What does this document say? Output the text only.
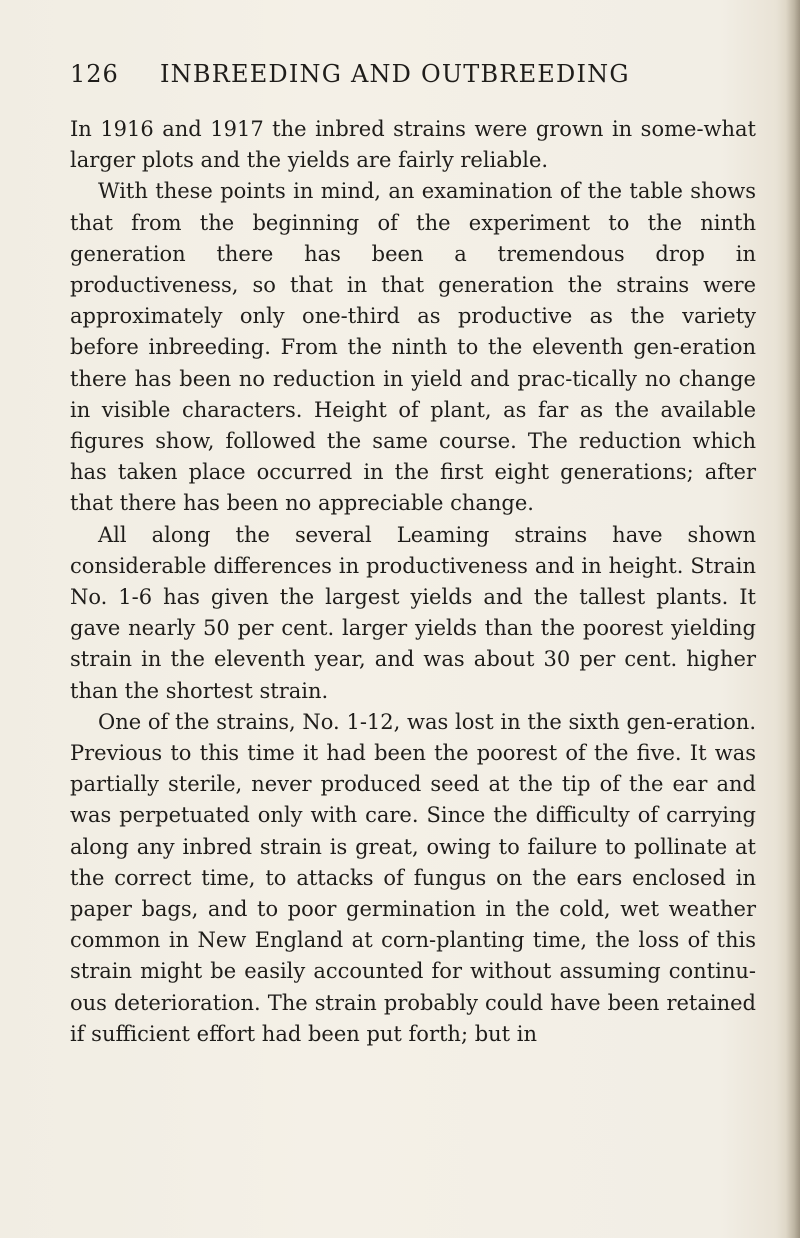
126 INBREEDING AND OUTBREEDING

In 1916 and 1917 the inbred strains were grown in some-what larger plots and the yields are fairly reliable.

With these points in mind, an examination of the table shows that from the beginning of the experiment to the ninth generation there has been a tremendous drop in productiveness, so that in that generation the strains were approximately only one-third as productive as the variety before inbreeding. From the ninth to the eleventh gen-eration there has been no reduction in yield and prac-tically no change in visible characters. Height of plant, as far as the available figures show, followed the same course. The reduction which has taken place occurred in the first eight generations; after that there has been no appreciable change.

All along the several Leaming strains have shown considerable differences in productiveness and in height. Strain No. 1-6 has given the largest yields and the tallest plants. It gave nearly 50 per cent. larger yields than the poorest yielding strain in the eleventh year, and was about 30 per cent. higher than the shortest strain.

One of the strains, No. 1-12, was lost in the sixth gen-eration. Previous to this time it had been the poorest of the five. It was partially sterile, never produced seed at the tip of the ear and was perpetuated only with care. Since the difficulty of carrying along any inbred strain is great, owing to failure to pollinate at the correct time, to attacks of fungus on the ears enclosed in paper bags, and to poor germination in the cold, wet weather common in New England at corn-planting time, the loss of this strain might be easily accounted for without assuming continu-ous deterioration. The strain probably could have been retained if sufficient effort had been put forth; but in
